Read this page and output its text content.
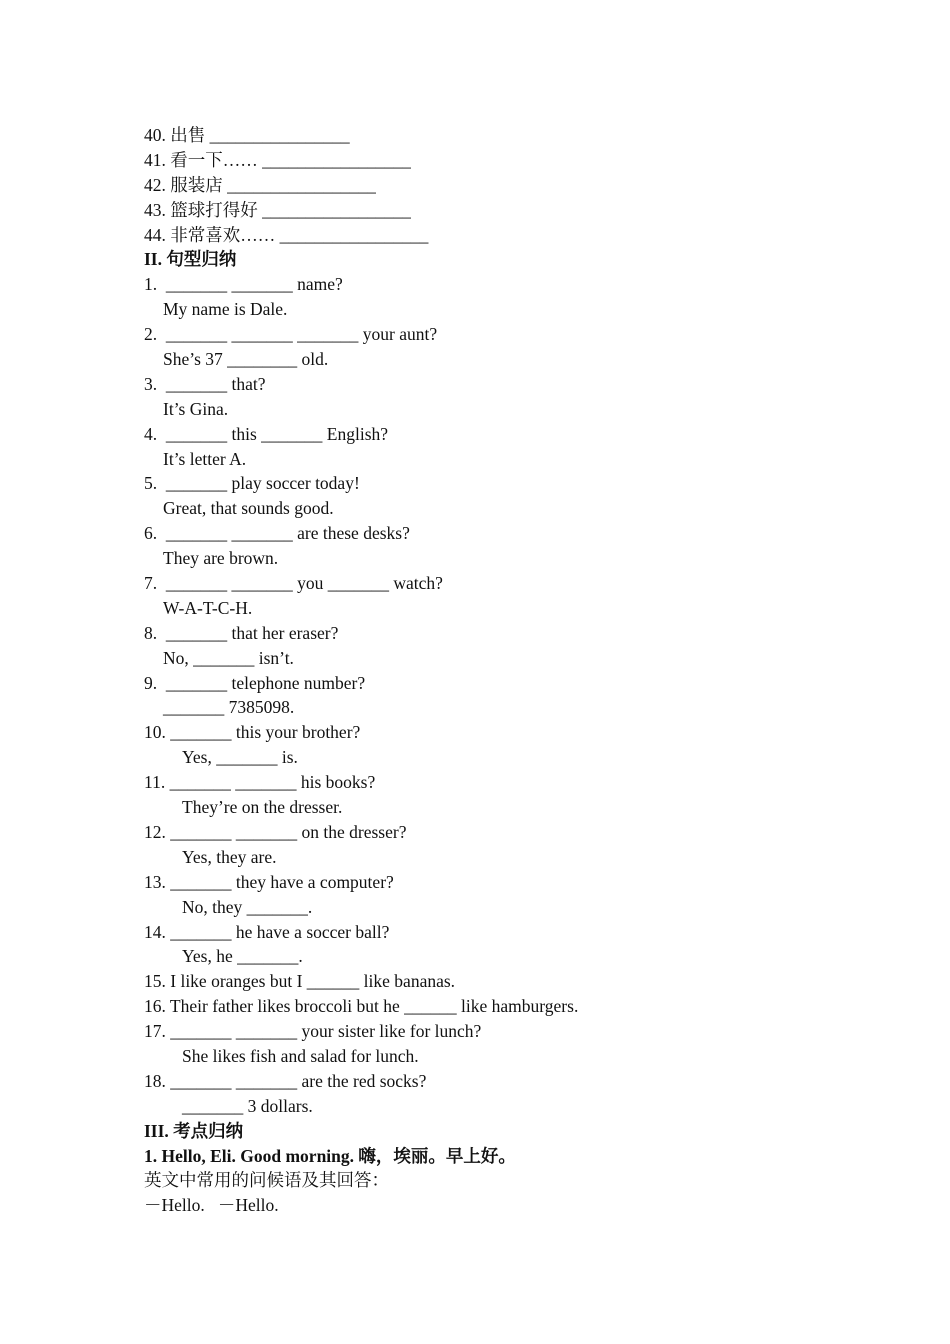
40. 出售 ________________
41. 看一下…… _________________
42. 服装店 _________________
43. 篮球打得好 _________________
44. 非常喜欢…… _________________
II. 句型归纳
1.  _______ _______ name?
My name is Dale.
2.  _______ _______ _______ your aunt?
She’s 37 ________ old.
3.  _______ that?
It’s Gina.
4.  _______ this _______ English?
It’s letter A.
5.  _______ play soccer today!
Great, that sounds good.
6.  _______ _______ are these desks?
They are brown.
7.  _______ _______ you _______ watch?
W-A-T-C-H.
8.  _______ that her eraser?
No, _______ isn’t.
9.  _______ telephone number?
_______ 7385098.
10. _______ this your brother?
Yes, _______ is.
11. _______ _______ his books?
They’re on the dresser.
12. _______ _______ on the dresser?
Yes, they are.
13. _______ they have a computer?
No, they _______.
14. _______ he have a soccer ball?
Yes, he _______.
15. I like oranges but I ______ like bananas.
16. Their father likes broccoli but he ______ like hamburgers.
17. _______ _______ your sister like for lunch?
She likes fish and salad for lunch.
18. _______ _______ are the red socks?
_______ 3 dollars.
III. 考点归纳
1. Hello, Eli. Good morning. 嗨，埃丽。早上好。
英文中常用的问候语及其回答：
－Hello.   －Hello.
